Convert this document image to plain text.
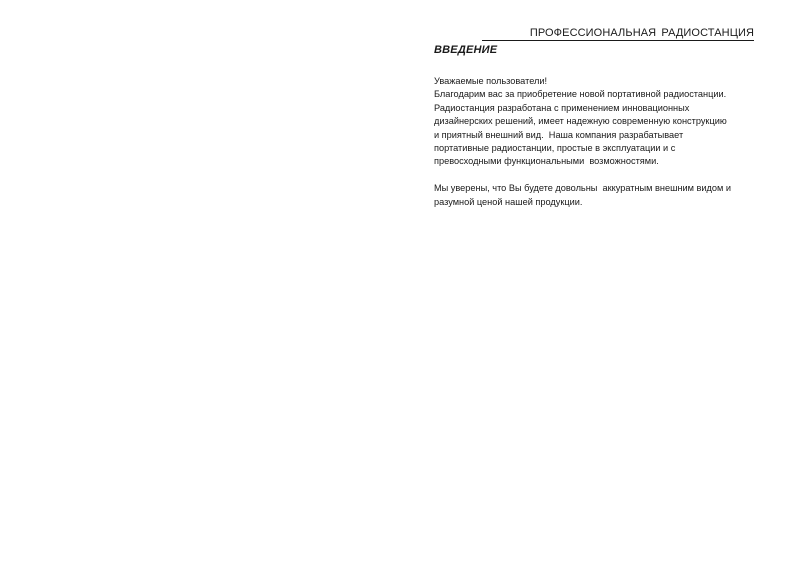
ПРОФЕССИОНАЛЬНАЯ РАДИОСТАНЦИЯ
ВВЕДЕНИЕ
Уважаемые пользователи!
Благодарим вас за приобретение новой портативной радиостанции.
Радиостанция разработана с применением инновационных
дизайнерских решений, имеет надежную современную конструкцию
и приятный внешний вид.  Наша компания разрабатывает
портативные радиостанции, простые в эксплуатации и с
превосходными функциональными  возможностями.
Мы уверены, что Вы будете довольны  аккуратным внешним видом и
разумной ценой нашей продукции.
